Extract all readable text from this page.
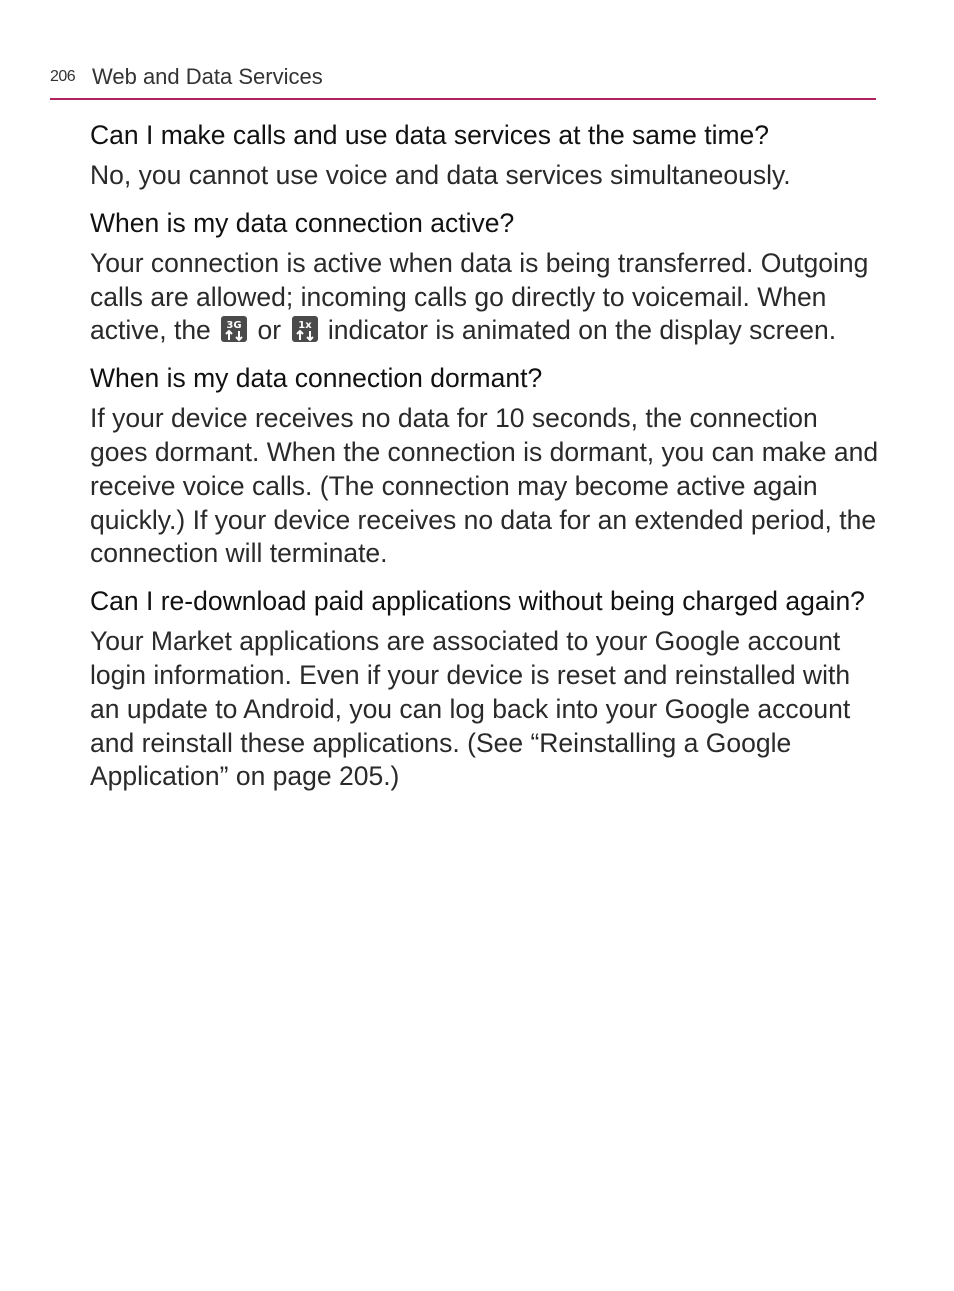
206 Web and Data Services

Can I make calls and use data services at the same time?

No, you cannot use voice and data services simultaneously.

When is my data connection active?

Your connection is active when data is being transferred. Outgoing calls are allowed; incoming calls go directly to voicemail. When active, the 3G or 1x indicator is animated on the display screen.

When is my data connection dormant?

If your device receives no data for 10 seconds, the connection goes dormant. When the connection is dormant, you can make and receive voice calls. (The connection may become active again quickly.) If your device receives no data for an extended period, the connection will terminate.

Can I re-download paid applications without being charged again?

Your Market applications are associated to your Google account login information. Even if your device is reset and reinstalled with an update to Android, you can log back into your Google account and reinstall these applications. (See “Reinstalling a Google Application” on page 205.)
